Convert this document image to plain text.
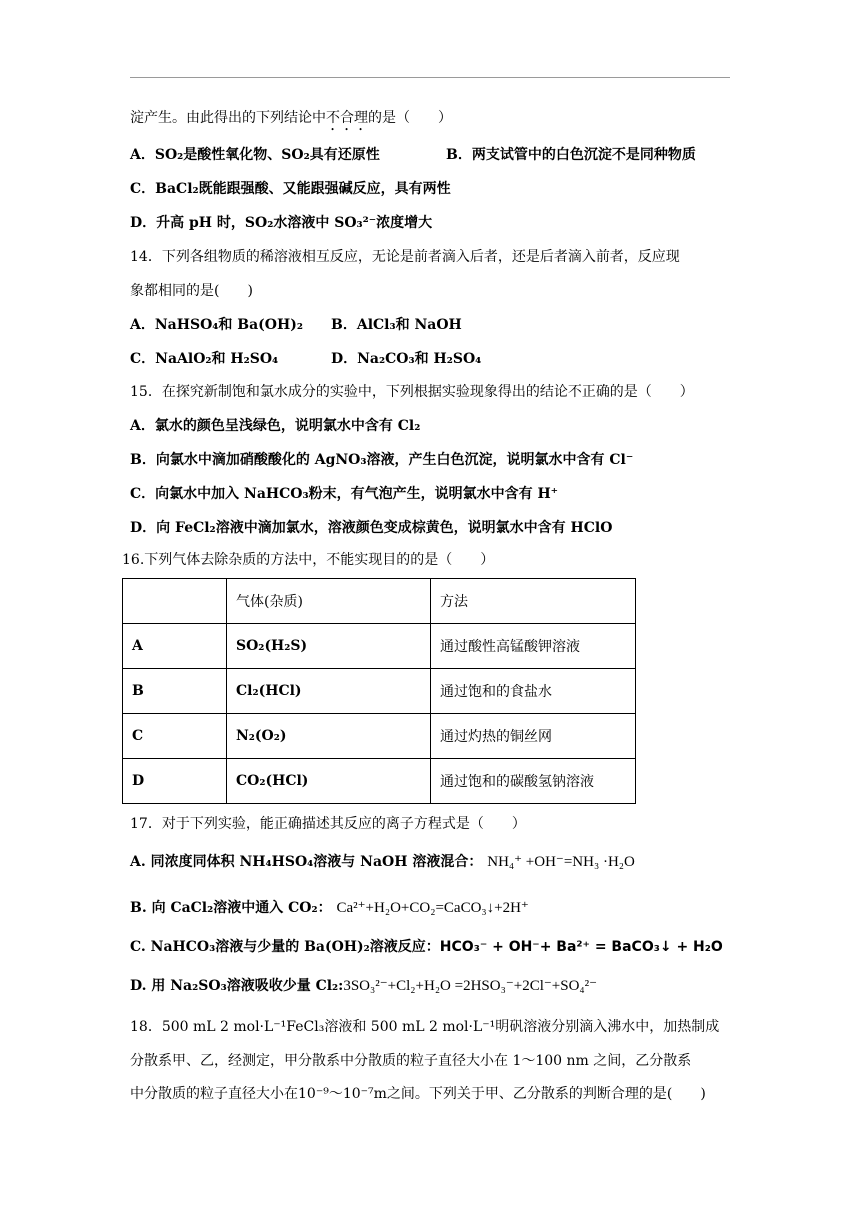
淀产生。由此得出的下列结论中不合理的是（　　）
A．SO₂是酸性氧化物、SO₂具有还原性	B．两支试管中的白色沉淀不是同种物质
C．BaCl₂既能跟强酸、又能跟强碱反应，具有两性
D．升高 pH 时，SO₂水溶液中 SO₃²⁻浓度增大
14．下列各组物质的稀溶液相互反应，无论是前者滴入后者，还是后者滴入前者，反应现
象都相同的是(　　)
A．NaHSO₄和 Ba(OH)₂ B．AlCl₃和 NaOH
C．NaAlO₂和 H₂SO₄	D．Na₂CO₃和 H₂SO₄
15．在探究新制饱和氯水成分的实验中，下列根据实验现象得出的结论不正确的是（　　）
A．氯水的颜色呈浅绿色，说明氯水中含有 Cl₂
B．向氯水中滴加硝酸酸化的 AgNO₃溶液，产生白色沉淀，说明氯水中含有 Cl⁻
C．向氯水中加入 NaHCO₃粉末，有气泡产生，说明氯水中含有 H⁺
D．向 FeCl₂溶液中滴加氯水，溶液颜色变成棕黄色，说明氯水中含有 HClO
16.下列气体去除杂质的方法中，不能实现目的的是（　　）
	气体(杂质)	方法
A	SO₂(H₂S)	通过酸性高锰酸钾溶液
B	Cl₂(HCl)	通过饱和的食盐水
C	N₂(O₂)	通过灼热的铜丝网
D	CO₂(HCl)	通过饱和的碳酸氢钠溶液
17．对于下列实验，能正确描述其反应的离子方程式是（　　）
A. 同浓度同体积 NH₄HSO₄溶液与 NaOH 溶液混合： NH₄⁺ +OH⁻=NH₃ ·H₂O
B. 向 CaCl₂溶液中通入 CO₂： Ca²⁺+H₂O+CO₂=CaCO₃↓+2H⁺
C. NaHCO₃溶液与少量的 Ba(OH)₂溶液反应：HCO₃⁻ + OH⁻+ Ba²⁺ = BaCO₃↓ + H₂O
D. 用 Na₂SO₃溶液吸收少量 Cl₂:3SO₃²⁻+Cl₂+H₂O =2HSO₃⁻+2Cl⁻+SO₄²⁻
18．500 mL 2 mol·L⁻¹FeCl₃溶液和 500 mL 2 mol·L⁻¹明矾溶液分别滴入沸水中，加热制成
分散系甲、乙，经测定，甲分散系中分散质的粒子直径大小在 1～100 nm 之间，乙分散系
中分散质的粒子直径大小在10⁻⁹～10⁻⁷m之间。下列关于甲、乙分散系的判断合理的是(　　)
